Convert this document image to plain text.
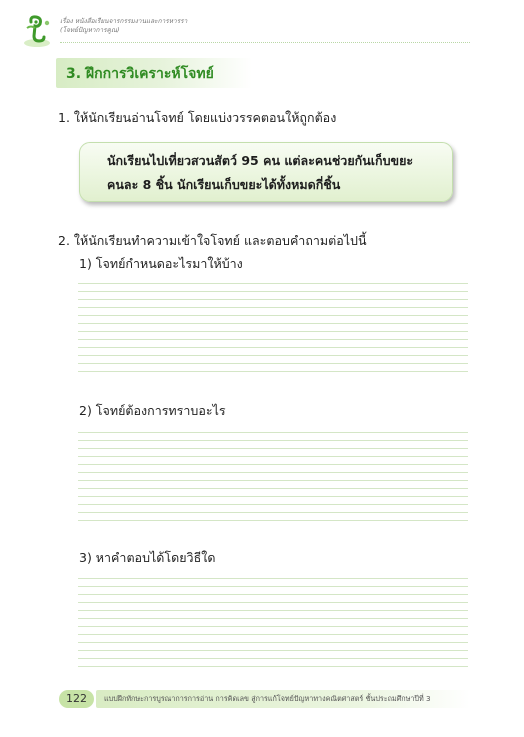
เรื่อง หนังสือเรียนจารกรรมงานและการหารรา
(โจทย์ปัญหาการคูณ)
3. ฝึกการวิเคราะห์โจทย์
1. ให้นักเรียนอ่านโจทย์ โดยแบ่งวรรคตอนให้ถูกต้อง
นักเรียนไปเที่ยวสวนสัตว์ 95 คน แต่ละคนช่วยกันเก็บขยะ
คนละ 8 ชิ้น นักเรียนเก็บขยะได้ทั้งหมดกี่ชิ้น
2. ให้นักเรียนทำความเข้าใจโจทย์ และตอบคำถามต่อไปนี้
1) โจทย์กำหนดอะไรมาให้บ้าง
2) โจทย์ต้องการทราบอะไร
3) หาคำตอบได้โดยวิธีใด
122	แบบฝึกทักษะการบูรณาการการอ่าน การคิดเลข สู่การแก้โจทย์ปัญหาทางคณิตศาสตร์ ชั้นประถมศึกษาปีที่ 3
